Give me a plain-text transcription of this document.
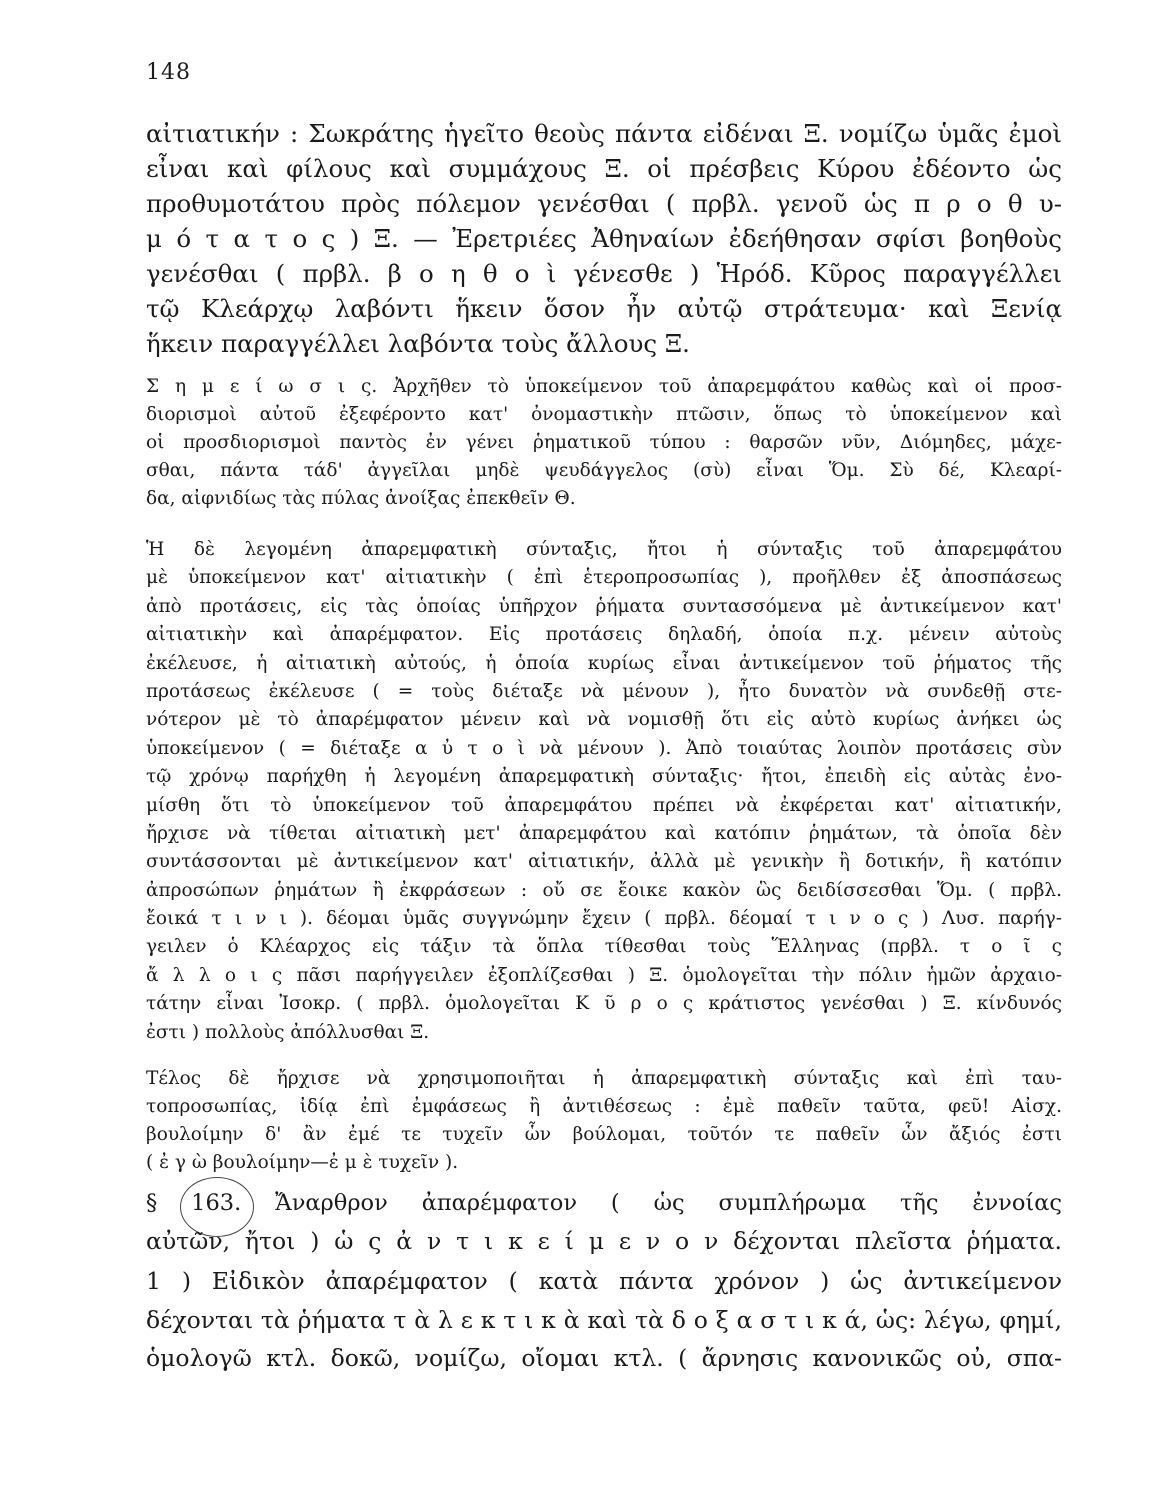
148
αἰτιατικήν : Σωκράτης ἡγεῖτο θεοὺς πάντα εἰδέναι Ξ. νομίζω ὑμᾶς ἐμοὶ
εἶναι καὶ φίλους καὶ συμμάχους Ξ. οἱ πρέσβεις Κύρου ἐδέοντο ὡς
προθυμοτάτου πρὸς πόλεμον γενέσθαι ( πρβλ. γενοῦ ὡς π ρ ο θ υ-
μ ό τ α τ ο ς ) Ξ. — Ἐρετριέες Ἀθηναίων ἐδεήθησαν σφίσι βοηθοὺς
γενέσθαι ( πρβλ. β ο η θ ο ὶ γένεσθε ) Ἡρόδ. Κῦρος παραγγέλλει
τῷ Κλεάρχῳ λαβόντι ἥκειν ὅσον ἦν αὐτῷ στράτευμα· καὶ Ξενίᾳ
ἥκειν παραγγέλλει λαβόντα τοὺς ἄλλους Ξ.
Σ η μ ε ί ω σ ι ς. Ἀρχῆθεν τὸ ὑποκείμενον τοῦ ἀπαρεμφάτου καθὼς καὶ οἱ προσ-
διορισμοὶ αὐτοῦ ἐξεφέροντο κατ' ὀνομαστικὴν πτῶσιν, ὅπως τὸ ὑποκείμενον καὶ
οἱ προσδιορισμοὶ παντὸς ἐν γένει ῥηματικοῦ τύπου : θαρσῶν νῦν, Διόμηδες, μάχε-
σθαι, πάντα τάδ' ἀγγεῖλαι μηδὲ ψευδάγγελος (σὺ) εἶναι Ὅμ. Σὺ δέ, Κλεαρί-
δα, αἰφνιδίως τὰς πύλας ἀνοίξας ἐπεκθεῖν Θ.
Ἡ δὲ λεγομένη ἀπαρεμφατικὴ σύνταξις, ἤτοι ἡ σύνταξις τοῦ ἀπαρεμφάτου
μὲ ὑποκείμενον κατ' αἰτιατικὴν ( ἐπὶ ἑτεροπροσωπίας ), προῆλθεν ἐξ ἀποσπάσεως
ἀπὸ προτάσεις, εἰς τὰς ὁποίας ὑπῆρχον ῥήματα συντασσόμενα μὲ ἀντικείμενον κατ'
αἰτιατικὴν καὶ ἀπαρέμφατον. Εἰς προτάσεις δηλαδή, ὁποία π.χ. μένειν αὐτοὺς
ἐκέλευσε, ἡ αἰτιατικὴ αὐτούς, ἡ ὁποία κυρίως εἶναι ἀντικείμενον τοῦ ῥήματος τῆς
προτάσεως ἐκέλευσε ( = τοὺς διέταξε νὰ μένουν ), ἦτο δυνατὸν νὰ συνδεθῇ στε-
νότερον μὲ τὸ ἀπαρέμφατον μένειν καὶ νὰ νομισθῇ ὅτι εἰς αὐτὸ κυρίως ἀνήκει ὡς
ὑποκείμενον ( = διέταξε α ὐ τ ο ὶ νὰ μένουν ). Ἀπὸ τοιαύτας λοιπὸν προτάσεις σὺν
τῷ χρόνῳ παρήχθη ἡ λεγομένη ἀπαρεμφατικὴ σύνταξις· ἤτοι, ἐπειδὴ εἰς αὐτὰς ἐνο-
μίσθη ὅτι τὸ ὑποκείμενον τοῦ ἀπαρεμφάτου πρέπει νὰ ἐκφέρεται κατ' αἰτιατικήν,
ἤρχισε νὰ τίθεται αἰτιατικὴ μετ' ἀπαρεμφάτου καὶ κατόπιν ῥημάτων, τὰ ὁποῖα δὲν
συντάσσονται μὲ ἀντικείμενον κατ' αἰτιατικήν, ἀλλὰ μὲ γενικὴν ἢ δοτικήν, ἢ κατόπιν
ἀπροσώπων ῥημάτων ἢ ἐκφράσεων : οὔ σε ἔοικε κακὸν ὣς δειδίσσεσθαι Ὅμ. ( πρβλ.
ἔοικά τ ι ν ι ). δέομαι ὑμᾶς συγγνώμην ἔχειν ( πρβλ. δέομαί τ ι ν ο ς ) Λυσ. παρήγ-
γειλεν ὁ Κλέαρχος εἰς τάξιν τὰ ὅπλα τίθεσθαι τοὺς Ἕλληνας (πρβλ. τ ο ῖ ς
ἄ λ λ ο ι ς πᾶσι παρήγγειλεν ἐξοπλίζεσθαι ) Ξ. ὁμολογεῖται τὴν πόλιν ἡμῶν ἀρχαιο-
τάτην εἶναι Ἰσοκρ. ( πρβλ. ὁμολογεῖται Κ ῦ ρ ο ς κράτιστος γενέσθαι ) Ξ. κίνδυνός
ἐστι ) πολλοὺς ἀπόλλυσθαι Ξ.
Τέλος δὲ ἤρχισε νὰ χρησιμοποιῆται ἡ ἀπαρεμφατικὴ σύνταξις καὶ ἐπὶ ταυ-
τοπροσωπίας, ἰδίᾳ ἐπὶ ἐμφάσεως ἢ ἀντιθέσεως : ἐμὲ παθεῖν ταῦτα, φεῦ! Αἰσχ.
βουλοίμην δ' ἂν ἐμέ τε τυχεῖν ὧν βούλομαι, τοῦτόν τε παθεῖν ὧν ἄξιός ἐστι
( ἐ γ ὼ βουλοίμην—ἐ μ ὲ τυχεῖν ).
§ 163. Ἄναρθρον ἀπαρέμφατον ( ὡς συμπλήρωμα τῆς ἐννοίας
αὐτῶν, ἤτοι ) ὡ ς ἀ ν τ ι κ ε ί μ ε ν ο ν δέχονται πλεῖστα ῥήματα.
1 ) Εἰδικὸν ἀπαρέμφατον ( κατὰ πάντα χρόνον ) ὡς ἀντικείμενον
δέχονται τὰ ῥήματα τ ὰ λ ε κ τ ι κ ὰ καὶ τὰ δ ο ξ α σ τ ι κ ά, ὡς: λέγω, φημί,
ὁμολογῶ κτλ. δοκῶ, νομίζω, οἴομαι κτλ. ( ἄρνησις κανονικῶς οὐ, σπα-
